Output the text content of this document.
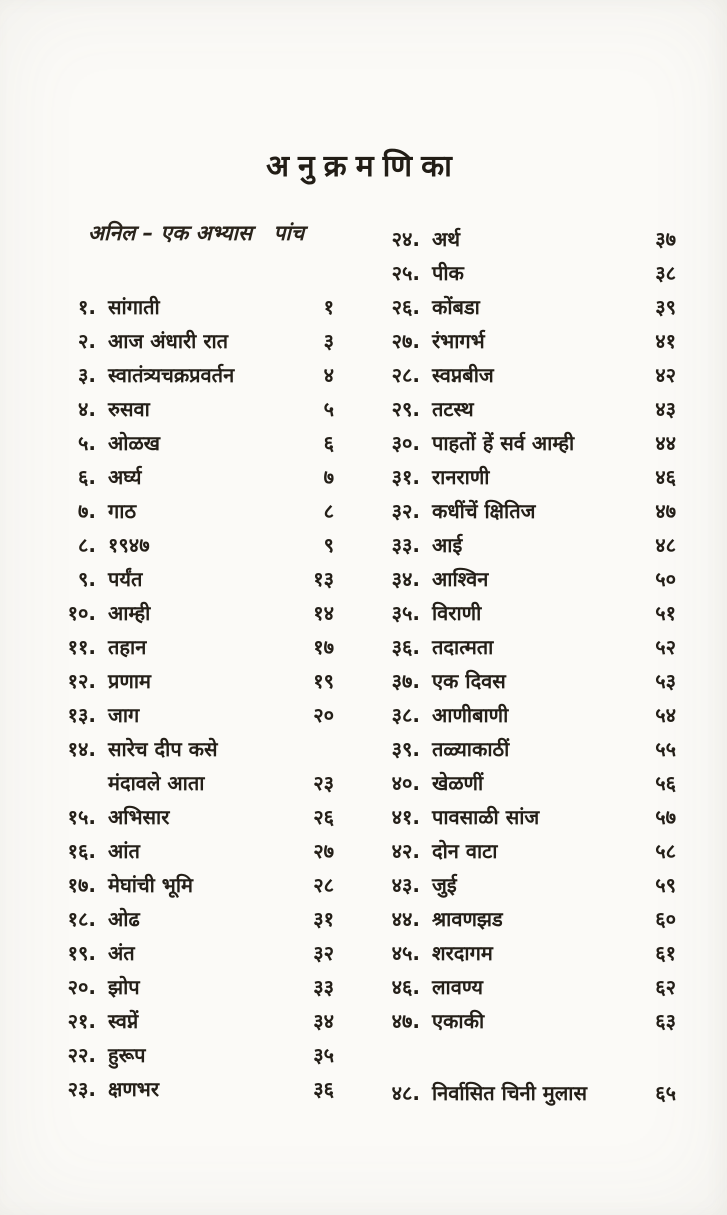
अनुक्रमणिका
अनिल – एक अभ्यास पांच
१. सांगाती	१
२. आज अंधारी रात	३
३. स्वातंत्र्यचक्रप्रवर्तन	४
४. रुसवा	५
५. ओळख	६
६. अर्घ्य	७
७. गाठ	८
८. १९४७	९
९. पर्यंत	१३
१०. आम्ही	१४
११. तहान	१७
१२. प्रणाम	१९
१३. जाग	२०
१४. सारेच दीप कसे
मंदावले आता	२३
१५. अभिसार	२६
१६. आंत	२७
१७. मेघांची भूमि	२८
१८. ओढ	३१
१९. अंत	३२
२०. झोप	३३
२१. स्वप्नें	३४
२२. हुरूप	३५
२३. क्षणभर	३६
२४. अर्थ	३७
२५. पीक	३८
२६. कोंबडा	३९
२७. रंभागर्भ	४१
२८. स्वप्नबीज	४२
२९. तटस्थ	४३
३०. पाहतों हें सर्व आम्ही	४४
३१. रानराणी	४६
३२. कधींचें क्षितिज	४७
३३. आई	४८
३४. आश्विन	५०
३५. विराणी	५१
३६. तदात्मता	५२
३७. एक दिवस	५३
३८. आणीबाणी	५४
३९. तळ्याकाठीं	५५
४०. खेळणीं	५६
४१. पावसाळी सांज	५७
४२. दोन वाटा	५८
४३. जुई	५९
४४. श्रावणझड	६०
४५. शरदागम	६१
४६. लावण्य	६२
४७. एकाकी	६३
४८. निर्वासित चिनी मुलास	६५
